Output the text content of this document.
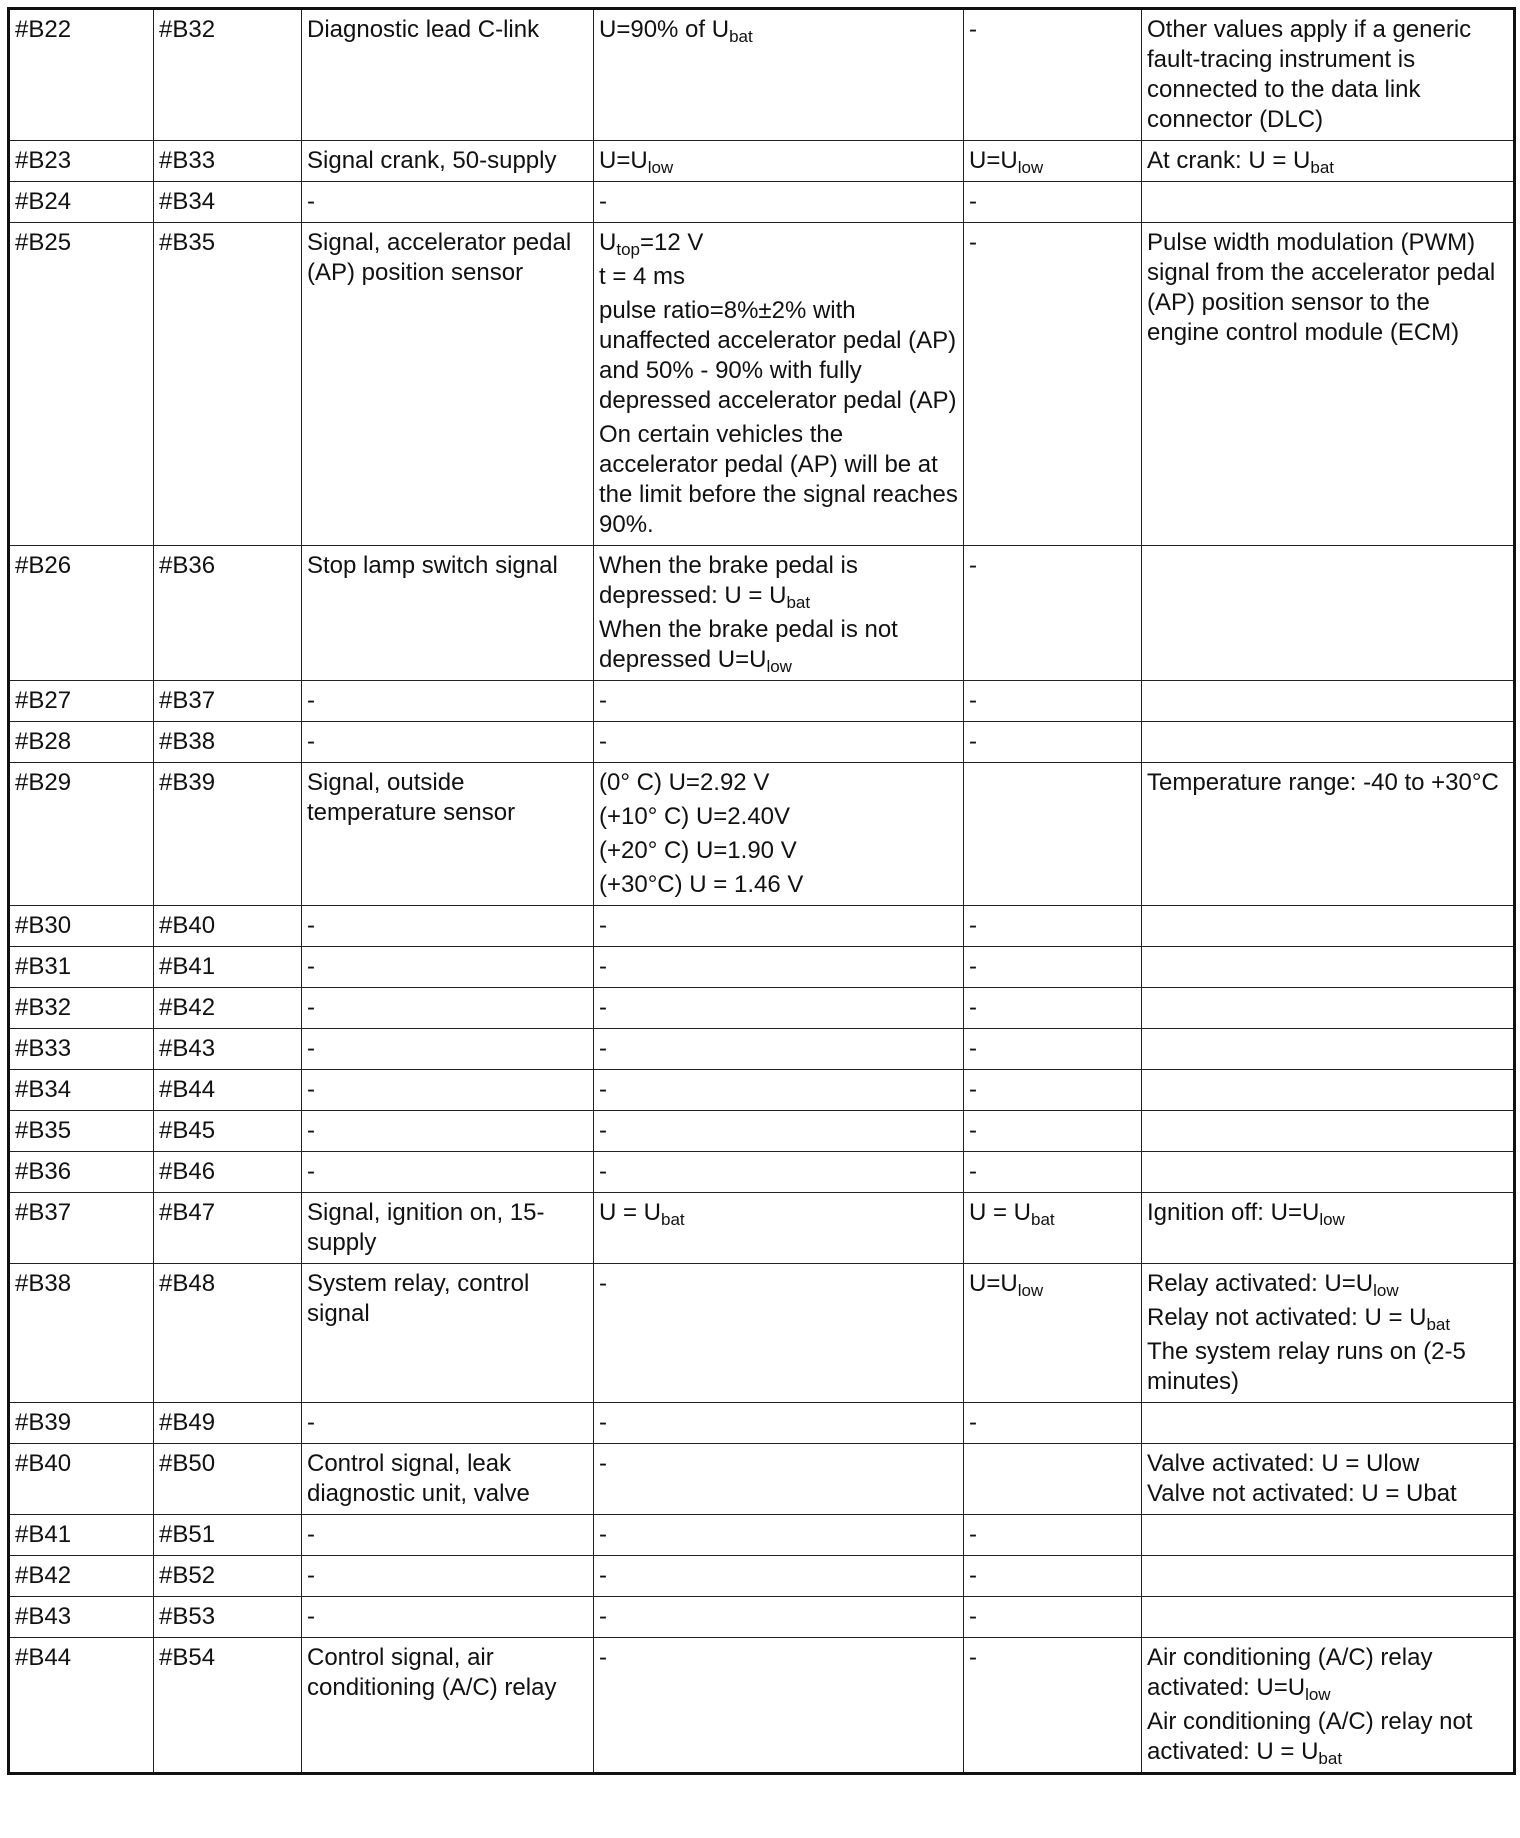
#B22	#B32	Diagnostic lead C-link	U=90% of $U_{bat}$	-	Other values apply if a generic fault-tracing instrument is connected to the data link connector (DLC)

#B23	#B33	Signal crank, 50-supply	$U=U_{low}$	$U=U_{low}$	At crank: $U = U_{bat}$

#B24	#B34	-	-	-	

#B25	#B35	Signal, accelerator pedal (AP) position sensor	$U_{top}=12$ V
t = 4 ms
pulse ratio=8%±2% with unaffected accelerator pedal (AP) and 50% - 90% with fully depressed accelerator pedal (AP)
On certain vehicles the accelerator pedal (AP) will be at the limit before the signal reaches 90%.	-	Pulse width modulation (PWM) signal from the accelerator pedal (AP) position sensor to the engine control module (ECM)

#B26	#B36	Stop lamp switch signal	When the brake pedal is depressed: $U = U_{bat}$
When the brake pedal is not depressed $U=U_{low}$	-	

#B27	#B37	-	-	-	

#B28	#B38	-	-	-	

#B29	#B39	Signal, outside temperature sensor	(0° C) U=2.92 V
(+10° C) U=2.40V
(+20° C) U=1.90 V
(+30°C) U = 1.46 V		Temperature range: -40 to +30°C

#B30	#B40	-	-	-	

#B31	#B41	-	-	-	

#B32	#B42	-	-	-	

#B33	#B43	-	-	-	

#B34	#B44	-	-	-	

#B35	#B45	-	-	-	

#B36	#B46	-	-	-	

#B37	#B47	Signal, ignition on, 15-supply	$U = U_{bat}$	$U = U_{bat}$	Ignition off: $U=U_{low}$

#B38	#B48	System relay, control signal	-	$U=U_{low}$	Relay activated: $U=U_{low}$
Relay not activated: $U = U_{bat}$
The system relay runs on (2-5 minutes)

#B39	#B49	-	-	-	

#B40	#B50	Control signal, leak diagnostic unit, valve	-		Valve activated: U = Ulow
Valve not activated: U = Ubat

#B41	#B51	-	-	-	

#B42	#B52	-	-	-	

#B43	#B53	-	-	-	

#B44	#B54	Control signal, air conditioning (A/C) relay	-	-	Air conditioning (A/C) relay activated: $U=U_{low}$
Air conditioning (A/C) relay not activated: $U = U_{bat}$
